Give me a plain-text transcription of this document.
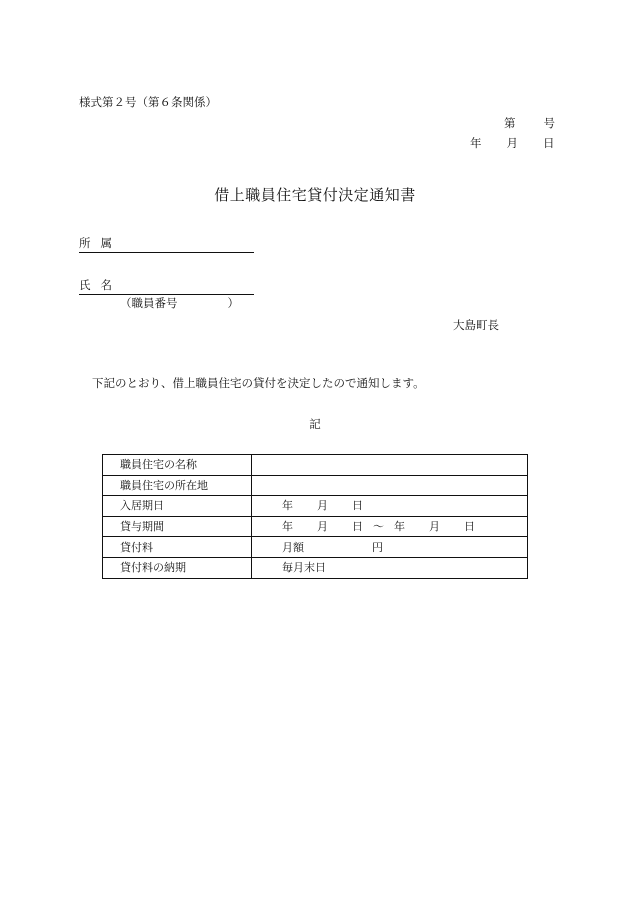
様式第２号（第６条関係）
第 号
年 月 日
借上職員住宅貸付決定通知書
所 属
氏 名
（職員番号	）
大島町長
下記のとおり、借上職員住宅の貸付を決定したので通知します。
記
職員住宅の名称	
職員住宅の所在地	
入居期日	年 月 日
貸与期間	年 月 日 ～ 年 月 日
貸付料	月額 円
貸付料の納期	毎月末日
